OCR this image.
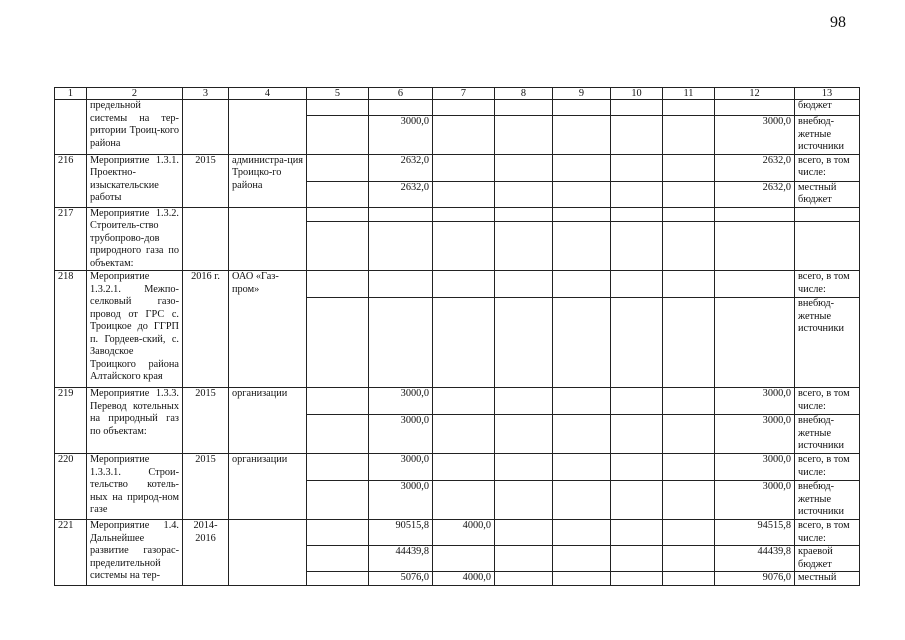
98
1	2	3	4	5	6	7	8	9	10	11	12	13
	предельной системы на тер-ритории Троиц-кого района											бюджет
					3000,0						3000,0	внебюд-жетные источники
216	Мероприятие 1.3.1. Проектно-изыскательские работы	2015	администра-ция Троицко-го района		2632,0						2632,0	всего, в том числе:
					2632,0						2632,0	местный бюджет
217	Мероприятие 1.3.2. Строитель-ство трубопрово-дов природного газа по объектам:											

218	Мероприятие 1.3.2.1. Межпо-селковый газо-провод от ГРС с. Троицкое до ГГРП п. Гордеев-ский, с. Заводское Троицкого района Алтайского края	2016 г.	ОАО «Газ-пром»									всего, в том числе:
												внебюд-жетные источники
219	Мероприятие 1.3.3. Перевод котельных на природный газ по объектам:	2015	организации		3000,0						3000,0	всего, в том числе:
					3000,0						3000,0	внебюд-жетные источники
220	Мероприятие 1.3.3.1. Строи-тельство котель-ных на природ-ном газе	2015	организации		3000,0						3000,0	всего, в том числе:
					3000,0						3000,0	внебюд-жетные источники
221	Мероприятие 1.4. Дальнейшее развитие газорас-пределительной системы на тер-	2014-2016			90515,8	4000,0					94515,8	всего, в том числе:
					44439,8						44439,8	краевой бюджет
					5076,0	4000,0					9076,0	местный
